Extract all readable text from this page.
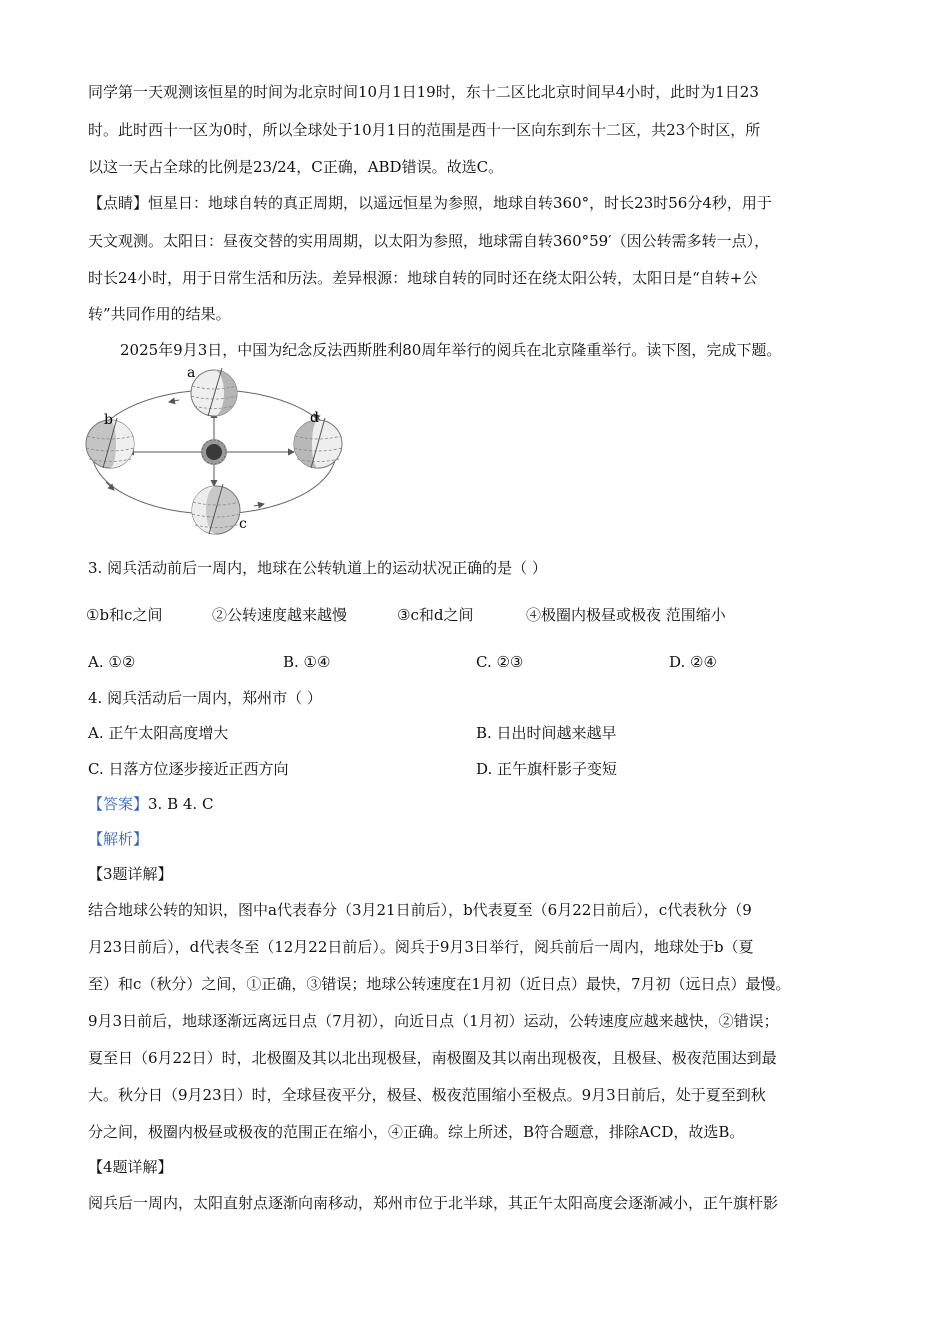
同学第一天观测该恒星的时间为北京时间10月1日19时，东十二区比北京时间早4小时，此时为1日23
时。此时西十一区为0时，所以全球处于10月1日的范围是西十一区向东到东十二区，共23个时区，所
以这一天占全球的比例是23/24，C正确，ABD错误。故选C。
【点睛】恒星日：地球自转的真正周期，以遥远恒星为参照，地球自转360°，时长23时56分4秒，用于
天文观测。太阳日：昼夜交替的实用周期，以太阳为参照，地球需自转360°59′（因公转需多转一点），
时长24小时，用于日常生活和历法。差异根源：地球自转的同时还在绕太阳公转，太阳日是“自转+公
转”共同作用的结果。
2025年9月3日，中国为纪念反法西斯胜利80周年举行的阅兵在北京隆重举行。读下图，完成下题。
a
b
c
d
3. 阅兵活动前后一周内，地球在公转轨道上的运动状况正确的是（ ）
①b和c之间	②公转速度越来越慢	③c和d之间	④极圈内极昼或极夜 范围缩小
A. ①②	B. ①④	C. ②③	D. ②④
4. 阅兵活动后一周内，郑州市（ ）
A. 正午太阳高度增大	B. 日出时间越来越早
C. 日落方位逐步接近正西方向	D. 正午旗杆影子变短
【答案】3. B 4. C
【解析】
【3题详解】
结合地球公转的知识，图中a代表春分（3月21日前后），b代表夏至（6月22日前后），c代表秋分（9
月23日前后），d代表冬至（12月22日前后）。阅兵于9月3日举行，阅兵前后一周内，地球处于b（夏
至）和c（秋分）之间，①正确，③错误；地球公转速度在1月初（近日点）最快，7月初（远日点）最慢。
9月3日前后，地球逐渐远离远日点（7月初），向近日点（1月初）运动，公转速度应越来越快，②错误；
夏至日（6月22日）时，北极圈及其以北出现极昼，南极圈及其以南出现极夜，且极昼、极夜范围达到最
大。秋分日（9月23日）时，全球昼夜平分，极昼、极夜范围缩小至极点。9月3日前后，处于夏至到秋
分之间，极圈内极昼或极夜的范围正在缩小，④正确。综上所述，B符合题意，排除ACD，故选B。
【4题详解】
阅兵后一周内，太阳直射点逐渐向南移动，郑州市位于北半球，其正午太阳高度会逐渐减小，正午旗杆影
